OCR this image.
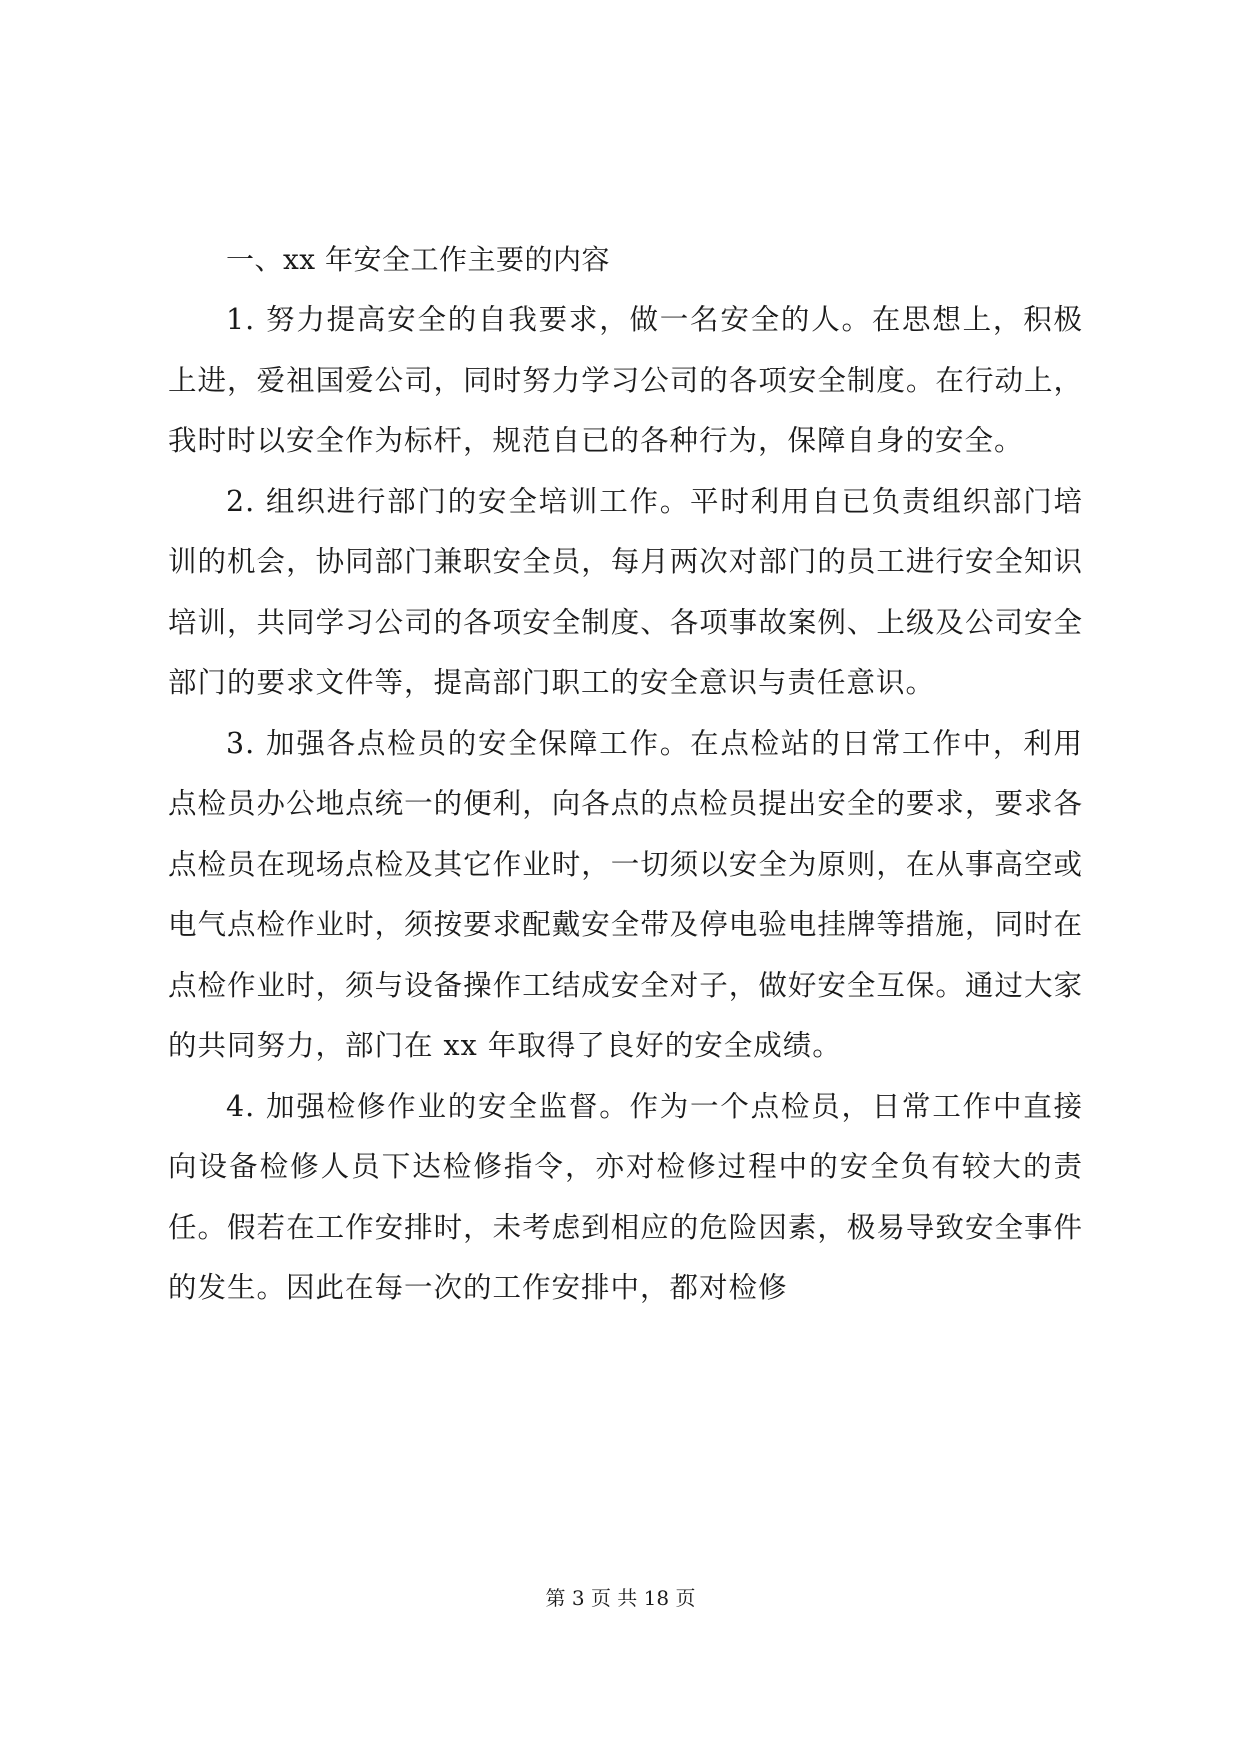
一、xx 年安全工作主要的内容

1. 努力提高安全的自我要求，做一名安全的人。在思想上，积极上进，爱祖国爱公司，同时努力学习公司的各项安全制度。在行动上，我时时以安全作为标杆，规范自已的各种行为，保障自身的安全。

2. 组织进行部门的安全培训工作。平时利用自已负责组织部门培训的机会，协同部门兼职安全员，每月两次对部门的员工进行安全知识培训，共同学习公司的各项安全制度、各项事故案例、上级及公司安全部门的要求文件等，提高部门职工的安全意识与责任意识。

3. 加强各点检员的安全保障工作。在点检站的日常工作中，利用点检员办公地点统一的便利，向各点的点检员提出安全的要求，要求各点检员在现场点检及其它作业时，一切须以安全为原则，在从事高空或电气点检作业时，须按要求配戴安全带及停电验电挂牌等措施，同时在点检作业时，须与设备操作工结成安全对子，做好安全互保。通过大家的共同努力，部门在 xx 年取得了良好的安全成绩。

4. 加强检修作业的安全监督。作为一个点检员，日常工作中直接向设备检修人员下达检修指令，亦对检修过程中的安全负有较大的责任。假若在工作安排时，未考虑到相应的危险因素，极易导致安全事件的发生。因此在每一次的工作安排中，都对检修

第 3 页 共 18 页
